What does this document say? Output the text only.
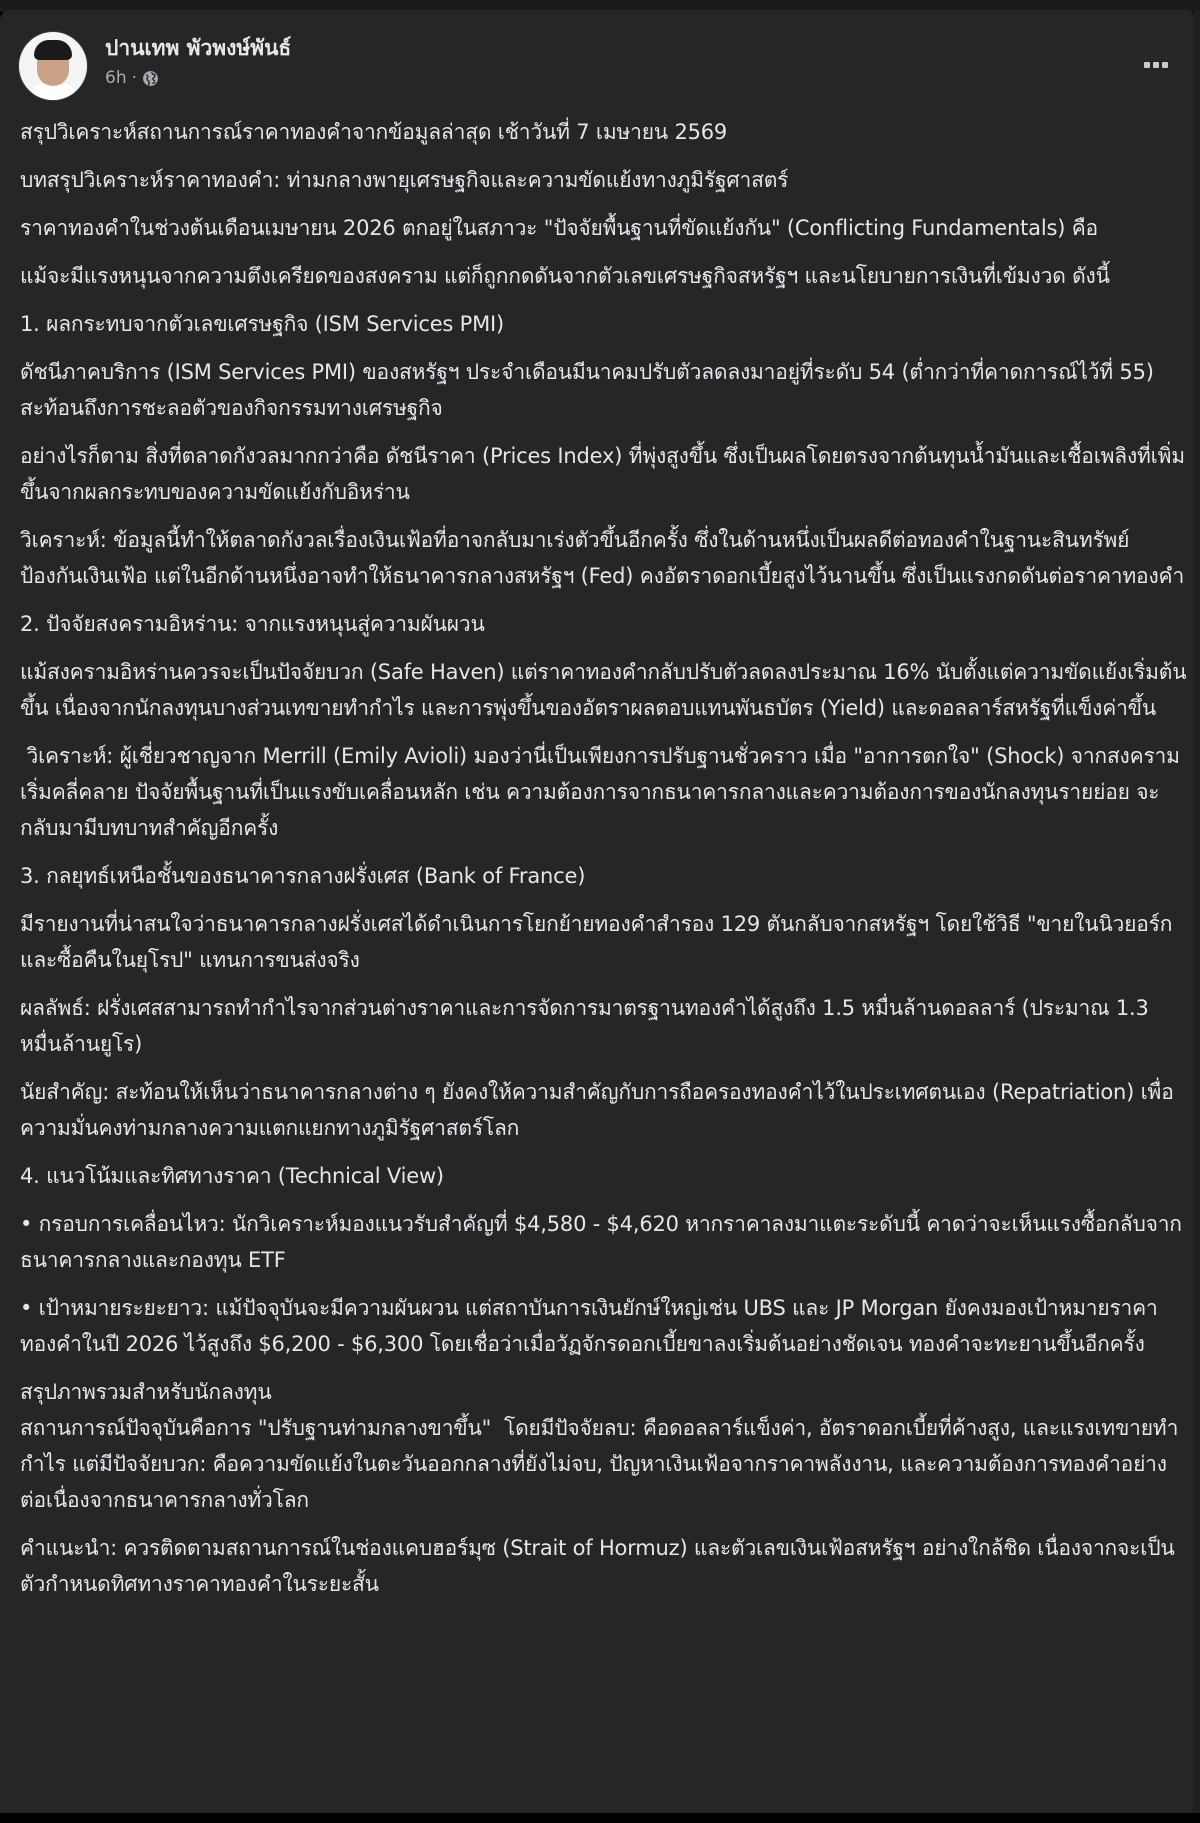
ปานเทพ พัวพงษ์พันธ์
6h ·

สรุปวิเคราะห์สถานการณ์ราคาทองคำจากข้อมูลล่าสุด เช้าวันที่ 7 เมษายน 2569

บทสรุปวิเคราะห์ราคาทองคำ: ท่ามกลางพายุเศรษฐกิจและความขัดแย้งทางภูมิรัฐศาสตร์

ราคาทองคำในช่วงต้นเดือนเมษายน 2026 ตกอยู่ในสภาวะ "ปัจจัยพื้นฐานที่ขัดแย้งกัน" (Conflicting Fundamentals) คือ

แม้จะมีแรงหนุนจากความตึงเครียดของสงคราม แต่ก็ถูกกดดันจากตัวเลขเศรษฐกิจสหรัฐฯ และนโยบายการเงินที่เข้มงวด ดังนี้

1. ผลกระทบจากตัวเลขเศรษฐกิจ (ISM Services PMI)

ดัชนีภาคบริการ (ISM Services PMI) ของสหรัฐฯ ประจำเดือนมีนาคมปรับตัวลดลงมาอยู่ที่ระดับ 54 (ต่ำกว่าที่คาดการณ์ไว้ที่ 55) สะท้อนถึงการชะลอตัวของกิจกรรมทางเศรษฐกิจ

อย่างไรก็ตาม สิ่งที่ตลาดกังวลมากกว่าคือ ดัชนีราคา (Prices Index) ที่พุ่งสูงขึ้น ซึ่งเป็นผลโดยตรงจากต้นทุนน้ำมันและเชื้อเพลิงที่เพิ่มขึ้นจากผลกระทบของความขัดแย้งกับอิหร่าน

วิเคราะห์: ข้อมูลนี้ทำให้ตลาดกังวลเรื่องเงินเฟ้อที่อาจกลับมาเร่งตัวขึ้นอีกครั้ง ซึ่งในด้านหนึ่งเป็นผลดีต่อทองคำในฐานะสินทรัพย์ป้องกันเงินเฟ้อ แต่ในอีกด้านหนึ่งอาจทำให้ธนาคารกลางสหรัฐฯ (Fed) คงอัตราดอกเบี้ยสูงไว้นานขึ้น ซึ่งเป็นแรงกดดันต่อราคาทองคำ

2. ปัจจัยสงครามอิหร่าน: จากแรงหนุนสู่ความผันผวน

แม้สงครามอิหร่านควรจะเป็นปัจจัยบวก (Safe Haven) แต่ราคาทองคำกลับปรับตัวลดลงประมาณ 16% นับตั้งแต่ความขัดแย้งเริ่มต้นขึ้น เนื่องจากนักลงทุนบางส่วนเทขายทำกำไร และการพุ่งขึ้นของอัตราผลตอบแทนพันธบัตร (Yield) และดอลลาร์สหรัฐที่แข็งค่าขึ้น

วิเคราะห์: ผู้เชี่ยวชาญจาก Merrill (Emily Avioli) มองว่านี่เป็นเพียงการปรับฐานชั่วคราว เมื่อ "อาการตกใจ" (Shock) จากสงครามเริ่มคลี่คลาย ปัจจัยพื้นฐานที่เป็นแรงขับเคลื่อนหลัก เช่น ความต้องการจากธนาคารกลางและความต้องการของนักลงทุนรายย่อย จะกลับมามีบทบาทสำคัญอีกครั้ง

3. กลยุทธ์เหนือชั้นของธนาคารกลางฝรั่งเศส (Bank of France)

มีรายงานที่น่าสนใจว่าธนาคารกลางฝรั่งเศสได้ดำเนินการโยกย้ายทองคำสำรอง 129 ตันกลับจากสหรัฐฯ โดยใช้วิธี "ขายในนิวยอร์กและซื้อคืนในยุโรป" แทนการขนส่งจริง

ผลลัพธ์: ฝรั่งเศสสามารถทำกำไรจากส่วนต่างราคาและการจัดการมาตรฐานทองคำได้สูงถึง 1.5 หมื่นล้านดอลลาร์ (ประมาณ 1.3 หมื่นล้านยูโร)

นัยสำคัญ: สะท้อนให้เห็นว่าธนาคารกลางต่าง ๆ ยังคงให้ความสำคัญกับการถือครองทองคำไว้ในประเทศตนเอง (Repatriation) เพื่อความมั่นคงท่ามกลางความแตกแยกทางภูมิรัฐศาสตร์โลก

4. แนวโน้มและทิศทางราคา (Technical View)

• กรอบการเคลื่อนไหว: นักวิเคราะห์มองแนวรับสำคัญที่ $4,580 - $4,620 หากราคาลงมาแตะระดับนี้ คาดว่าจะเห็นแรงซื้อกลับจากธนาคารกลางและกองทุน ETF

• เป้าหมายระยะยาว: แม้ปัจจุบันจะมีความผันผวน แต่สถาบันการเงินยักษ์ใหญ่เช่น UBS และ JP Morgan ยังคงมองเป้าหมายราคาทองคำในปี 2026 ไว้สูงถึง $6,200 - $6,300 โดยเชื่อว่าเมื่อวัฏจักรดอกเบี้ยขาลงเริ่มต้นอย่างชัดเจน ทองคำจะทะยานขึ้นอีกครั้ง

สรุปภาพรวมสำหรับนักลงทุน
สถานการณ์ปัจจุบันคือการ "ปรับฐานท่ามกลางขาขึ้น"  โดยมีปัจจัยลบ: คือดอลลาร์แข็งค่า, อัตราดอกเบี้ยที่ค้างสูง, และแรงเทขายทำกำไร แต่มีปัจจัยบวก: คือความขัดแย้งในตะวันออกกลางที่ยังไม่จบ, ปัญหาเงินเฟ้อจากราคาพลังงาน, และความต้องการทองคำอย่างต่อเนื่องจากธนาคารกลางทั่วโลก

คำแนะนำ: ควรติดตามสถานการณ์ในช่องแคบฮอร์มุซ (Strait of Hormuz) และตัวเลขเงินเฟ้อสหรัฐฯ อย่างใกล้ชิด เนื่องจากจะเป็นตัวกำหนดทิศทางราคาทองคำในระยะสั้น
